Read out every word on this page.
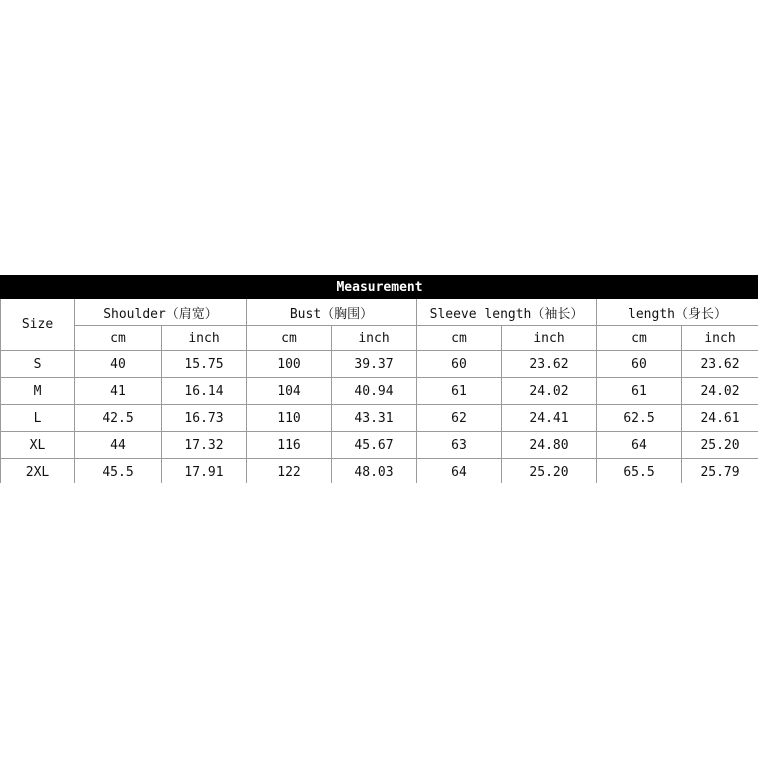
Measurement								
Size	Shoulder（肩宽）		Bust（胸围）		Sleeve length（袖长）		length（身长）	
	cm	inch	cm	inch	cm	inch	cm	inch
S	40	15.75	100	39.37	60	23.62	60	23.62
M	41	16.14	104	40.94	61	24.02	61	24.02
L	42.5	16.73	110	43.31	62	24.41	62.5	24.61
XL	44	17.32	116	45.67	63	24.80	64	25.20
2XL	45.5	17.91	122	48.03	64	25.20	65.5	25.79
